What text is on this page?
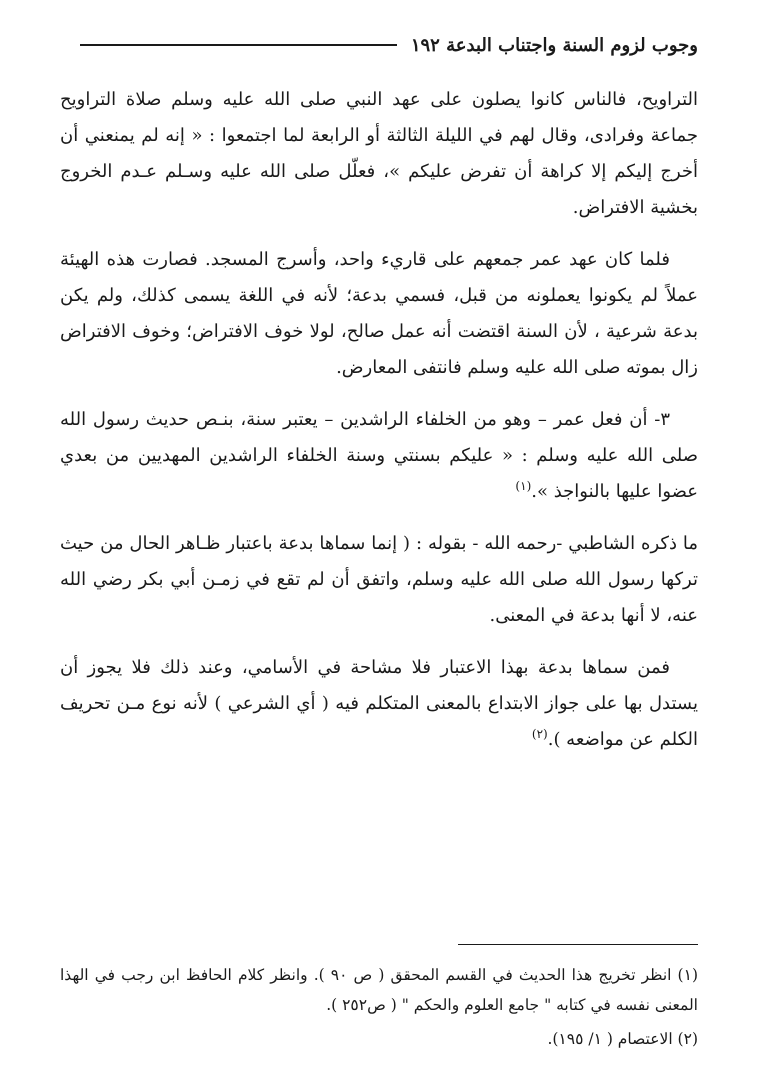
وجوب لزوم السنة واجتناب البدعة ١٩٢

التراويح، فالناس كانوا يصلون على عهد النبي صلى الله عليه وسلم صلاة التراويح جماعة وفرادى، وقال لهم في الليلة الثالثة أو الرابعة لما اجتمعوا : « إنه لم يمنعني أن أخرج إليكم إلا كراهة أن تفرض عليكم »، فعلّل صلى الله عليه وسـلم عـدم الخروج بخشية الافتراض.

فلما كان عهد عمر جمعهم على قاريء واحد، وأسرج المسجد. فصارت هذه الهيئة عملاً لم يكونوا يعملونه من قبل، فسمي بدعة؛ لأنه في اللغة يسمى كذلك، ولم يكن بدعة شرعية ، لأن السنة اقتضت أنه عمل صالح، لولا خوف الافتراض؛ وخوف الافتراض زال بموته صلى الله عليه وسلم فانتفى المعارض.

٣- أن فعل عمر – وهو من الخلفاء الراشدين – يعتبر سنة، بنـص حديث رسول الله صلى الله عليه وسلم : « عليكم بسنتي وسنة الخلفاء الراشدين المهديين من بعدي عضوا عليها بالنواجذ ».$^{(١)}$

ما ذكره الشاطبي -رحمه الله - بقوله : ( إنما سماها بدعة باعتبار ظـاهر الحال من حيث تركها رسول الله صلى الله عليه وسلم، واتفق أن لم تقع في زمـن أبي بكر رضي الله عنه، لا أنها بدعة في المعنى.

فمن سماها بدعة بهذا الاعتبار فلا مشاحة في الأسامي، وعند ذلك فلا يجوز أن يستدل بها على جواز الابتداع بالمعنى المتكلم فيه ( أي الشرعي ) لأنه نوع مـن تحريف الكلم عن مواضعه ).$^{(٢)}$

(١) انظر تخريج هذا الحديث في القسم المحقق ( ص ٩٠ ). وانظر كلام الحافظ ابن رجب في الهذا المعنى نفسه في كتابه " جامع العلوم والحكم " ( ص٢٥٢ ).

(٢) الاعتصام ( ١/ ١٩٥).
